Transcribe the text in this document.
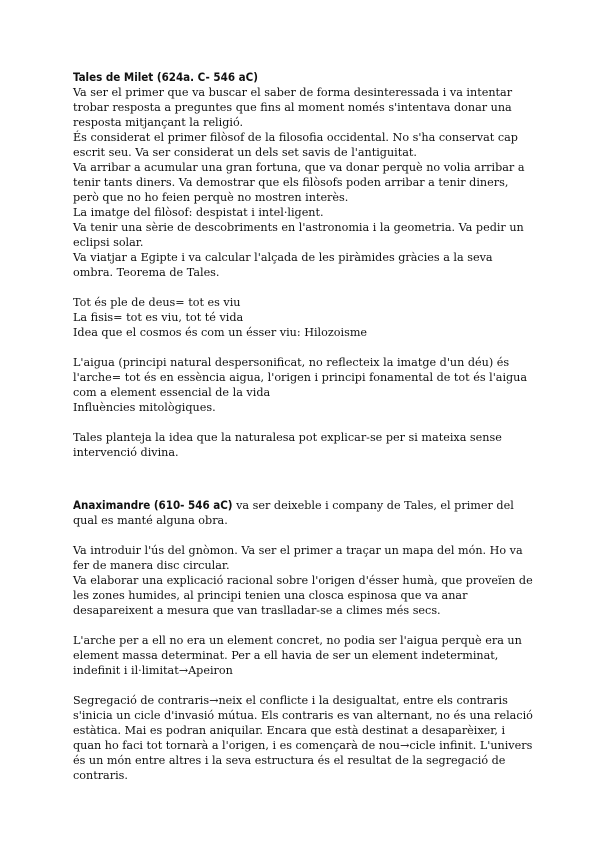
Tales de Milet (624a. C- 546 aC)

Va ser el primer que va buscar el saber de forma desinteressada i va intentar trobar resposta a preguntes que fins al moment només s'intentava donar una resposta mitjançant la religió.

És considerat el primer filòsof de la filosofia occidental. No s'ha conservat cap escrit seu. Va ser considerat un dels set savis de l'antiguitat.

Va arribar a acumular una gran fortuna, que va donar perquè no volia arribar a tenir tants diners. Va demostrar que els filòsofs poden arribar a tenir diners, però que no ho feien perquè no mostren interès.

La imatge del filòsof: despistat i intel·ligent.

Va tenir una sèrie de descobriments en l'astronomia i la geometria. Va pedir un eclipsi solar.

Va viatjar a Egipte i va calcular l'alçada de les piràmides gràcies a la seva ombra. Teorema de Tales.

Tot és ple de deus= tot es viu

La fisis= tot es viu, tot té vida

Idea que el cosmos és com un ésser viu: Hilozoisme

L'aigua (principi natural despersonificat, no reflecteix la imatge d'un déu) és l'arche= tot és en essència aigua, l'origen i principi fonamental de tot és l'aigua com a element essencial de la vida

Influències mitològiques.

Tales planteja la idea que la naturalesa pot explicar-se per si mateixa sense intervenció divina.

Anaximandre (610- 546 aC) va ser deixeble i company de Tales, el primer del qual es manté alguna obra.

Va introduir l'ús del gnòmon. Va ser el primer a traçar un mapa del món. Ho va fer de manera disc circular.

Va elaborar una explicació racional sobre l'origen d'ésser humà, que proveïen de les zones humides, al principi tenien una closca espinosa que va anar desapareixent a mesura que van traslladar-se a climes més secs.

L'arche per a ell no era un element concret, no podia ser l'aigua perquè era un element massa determinat. Per a ell havia de ser un element indeterminat, indefinit i il·limitat→Apeiron

Segregació de contraris→neix el conflicte i la desigualtat, entre els contraris s'inicia un cicle d'invasió mútua. Els contraris es van alternant, no és una relació estàtica. Mai es podran aniquilar. Encara que està destinat a desaparèixer, i quan ho faci tot tornarà a l'origen, i es començarà de nou→cicle infinit. L'univers és un món entre altres i la seva estructura és el resultat de la segregació de contraris.
